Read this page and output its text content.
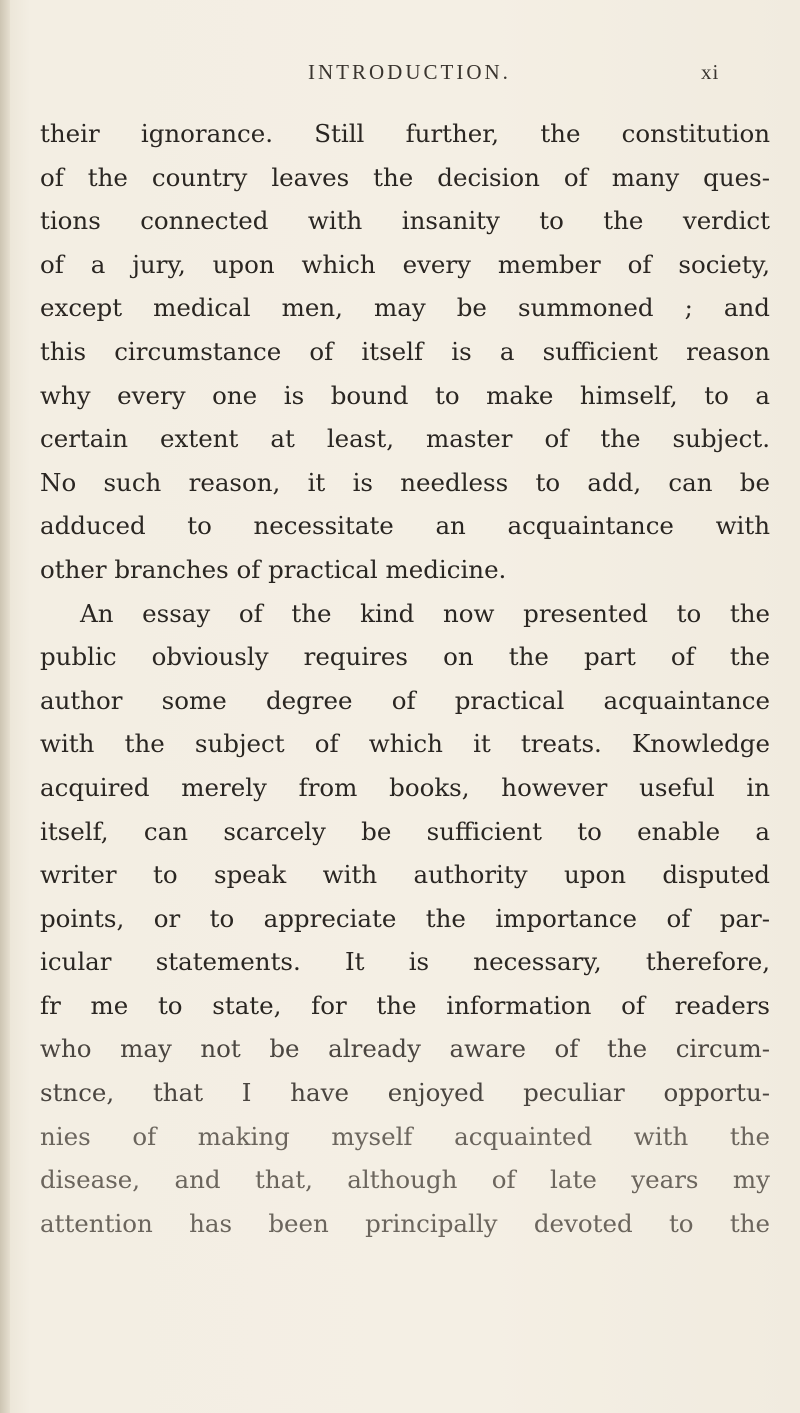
INTRODUCTION.	xi
their ignorance. Still further, the constitution
of the country leaves the decision of many ques-
tions connected with insanity to the verdict
of a jury, upon which every member of society,
except medical men, may be summoned ; and
this circumstance of itself is a sufficient reason
why every one is bound to make himself, to a
certain extent at least, master of the subject.
No such reason, it is needless to add, can be
adduced to necessitate an acquaintance with
other branches of practical medicine.
An essay of the kind now presented to the
public obviously requires on the part of the
author some degree of practical acquaintance
with the subject of which it treats. Knowledge
acquired merely from books, however useful in
itself, can scarcely be sufficient to enable a
writer to speak with authority upon disputed
points, or to appreciate the importance of par-
icular statements. It is necessary, therefore,
fr me to state, for the information of readers
who may not be already aware of the circum-
stnce, that I have enjoyed peculiar opportu-
nies of making myself acquainted with the
disease, and that, although of late years my
attention has been principally devoted to the
